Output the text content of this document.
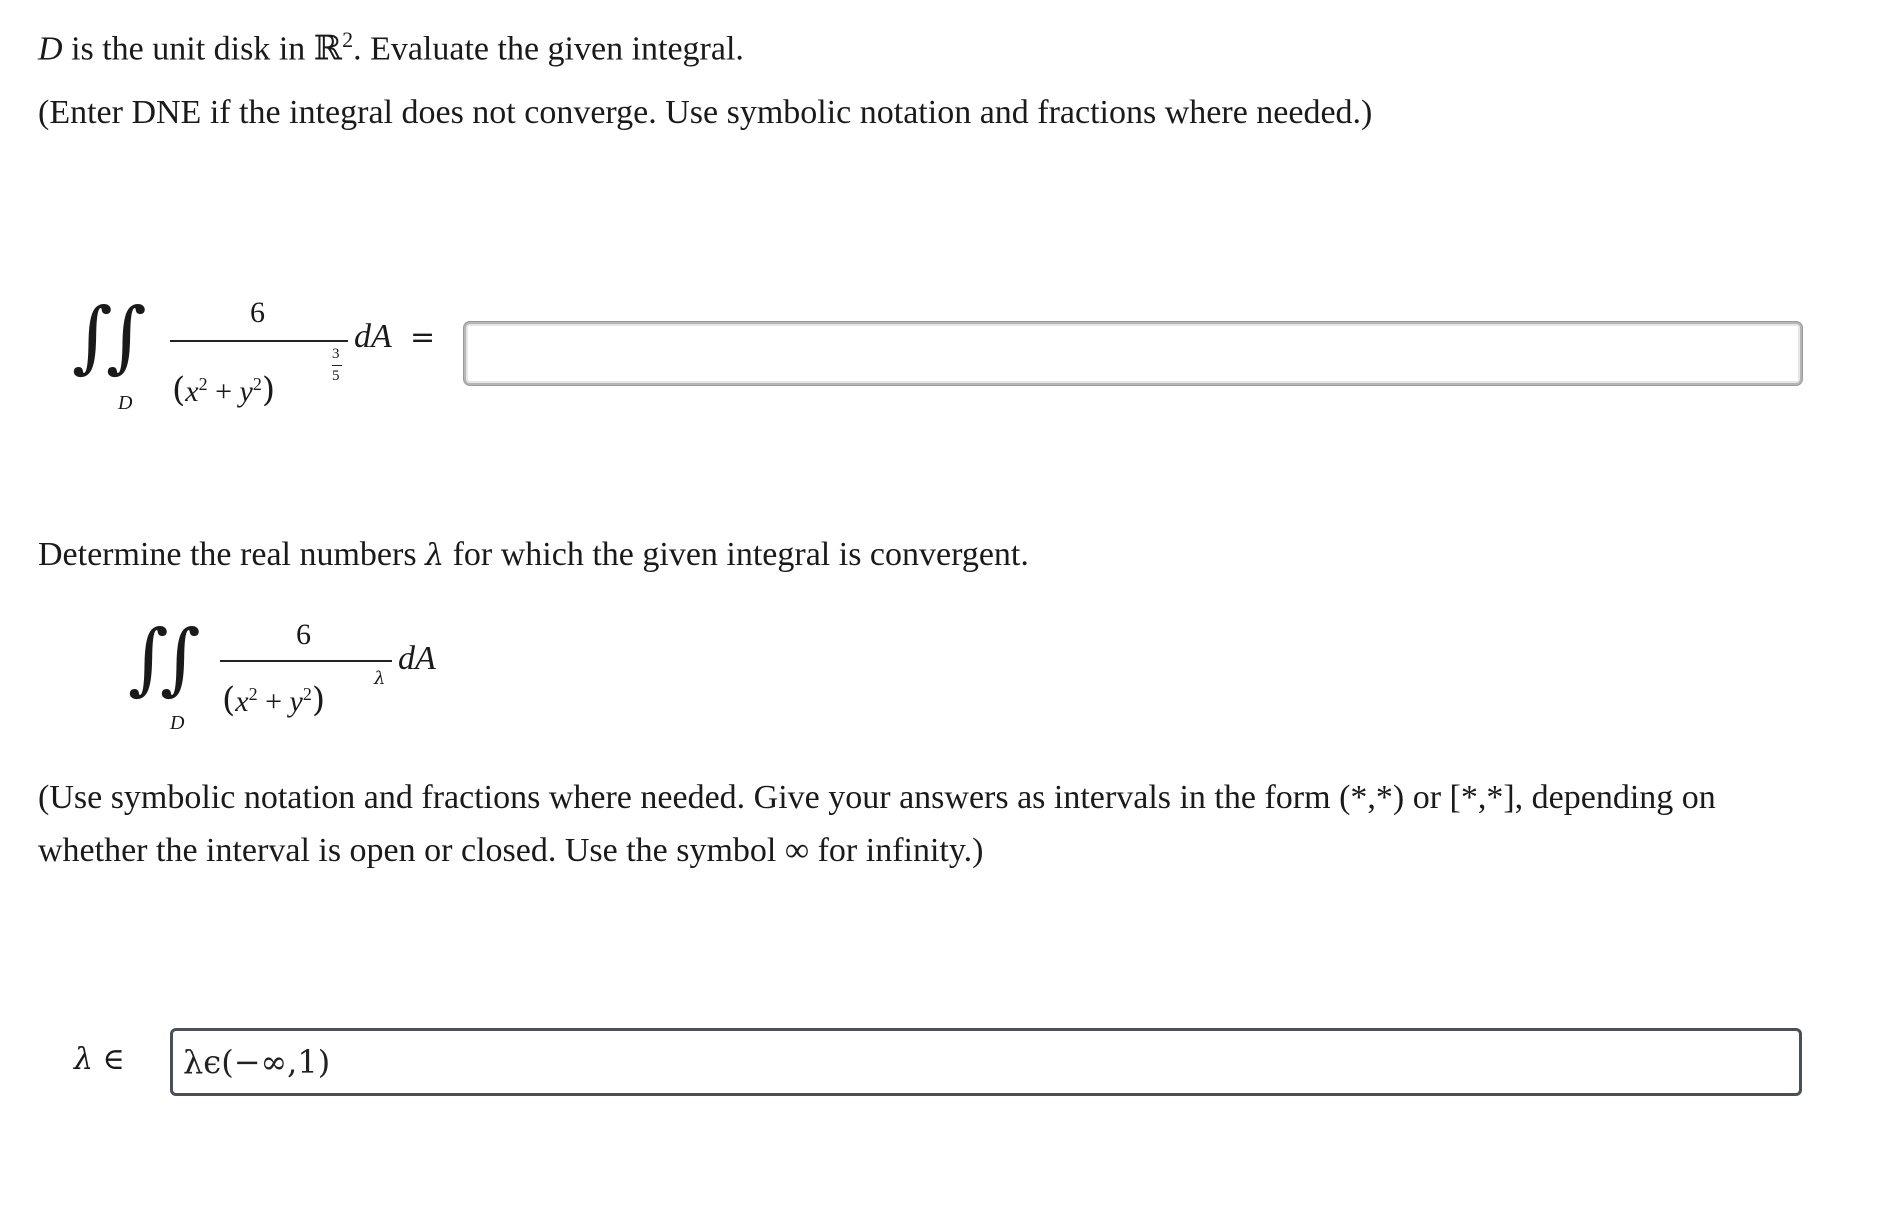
D is the unit disk in ℝ$^2$. Evaluate the given integral.
(Enter DNE if the integral does not converge. Use symbolic notation and fractions where needed.)
∫
∫
D
6
$(x^2 + y^2)$
3
5
dA =
Determine the real numbers λ for which the given integral is convergent.
∫
∫
D
6
$(x^2 + y^2)$
λ
dA
(Use symbolic notation and fractions where needed. Give your answers as intervals in the form (*,*) or [*,*], depending on
whether the interval is open or closed. Use the symbol ∞ for infinity.)
λ ∈ λϵ(−∞,1)
